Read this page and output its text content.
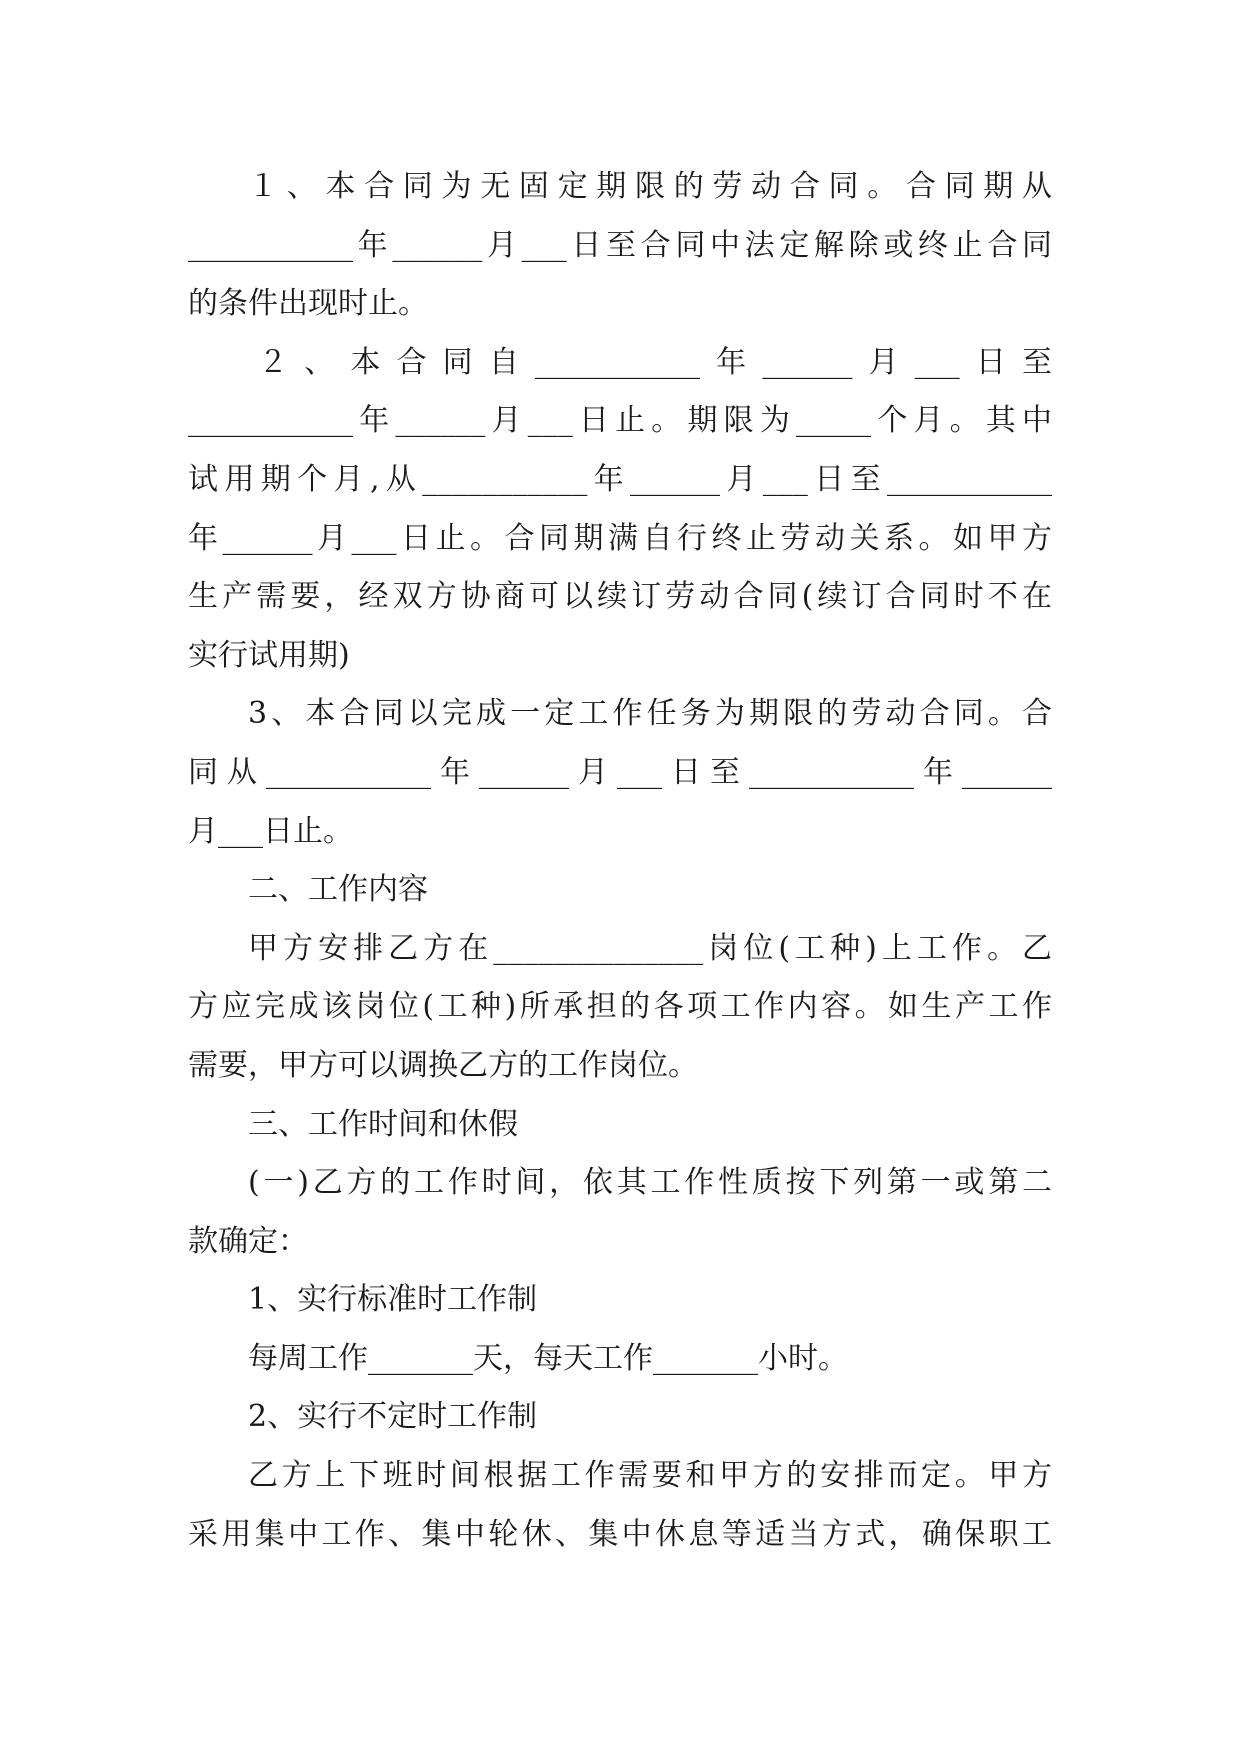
１、本合同为无固定期限的劳动合同。合同期从
___________年______月___日至合同中法定解除或终止合同
的条件出现时止。
２、本合同自___________年______月___日至
___________年______月___日止。期限为_____个月。其中
试用期个月,从___________年______月___日至___________
年______月___日止。合同期满自行终止劳动关系。如甲方
生产需要，经双方协商可以续订劳动合同(续订合同时不在
实行试用期)
3、本合同以完成一定工作任务为期限的劳动合同。合
同从___________年______月___日至___________年______
月___日止。
二、工作内容
甲方安排乙方在______________岗位(工种)上工作。乙
方应完成该岗位(工种)所承担的各项工作内容。如生产工作
需要，甲方可以调换乙方的工作岗位。
三、工作时间和休假
(一)乙方的工作时间，依其工作性质按下列第一或第二
款确定：
1、实行标准时工作制
每周工作_______天，每天工作_______小时。
2、实行不定时工作制
乙方上下班时间根据工作需要和甲方的安排而定。甲方
采用集中工作、集中轮休、集中休息等适当方式，确保职工
